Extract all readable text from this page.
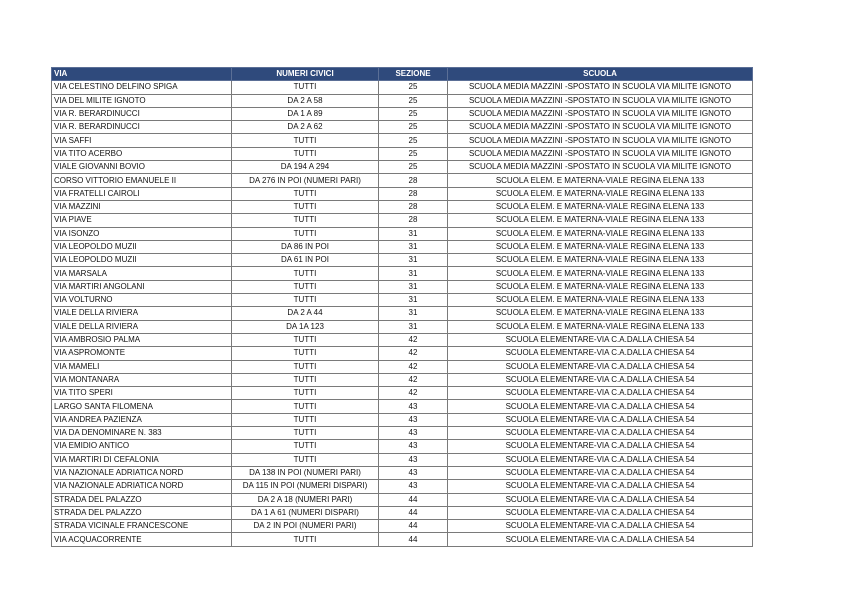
VIA	NUMERI CIVICI	SEZIONE	SCUOLA
VIA CELESTINO DELFINO SPIGA	TUTTI	25	SCUOLA MEDIA MAZZINI -SPOSTATO IN SCUOLA VIA MILITE IGNOTO
VIA DEL MILITE IGNOTO	DA 2 A 58	25	SCUOLA MEDIA MAZZINI -SPOSTATO IN SCUOLA VIA MILITE IGNOTO
VIA R. BERARDINUCCI	DA 1 A 89	25	SCUOLA MEDIA MAZZINI -SPOSTATO IN SCUOLA VIA MILITE IGNOTO
VIA R. BERARDINUCCI	DA 2 A 62	25	SCUOLA MEDIA MAZZINI -SPOSTATO IN SCUOLA VIA MILITE IGNOTO
VIA SAFFI	TUTTI	25	SCUOLA MEDIA MAZZINI -SPOSTATO IN SCUOLA VIA MILITE IGNOTO
VIA TITO ACERBO	TUTTI	25	SCUOLA MEDIA MAZZINI -SPOSTATO IN SCUOLA VIA MILITE IGNOTO
VIALE GIOVANNI BOVIO	DA 194 A 294	25	SCUOLA MEDIA MAZZINI -SPOSTATO IN SCUOLA VIA MILITE IGNOTO
CORSO VITTORIO EMANUELE II	DA 276 IN POI (NUMERI PARI)	28	SCUOLA ELEM. E MATERNA-VIALE REGINA ELENA 133
VIA FRATELLI CAIROLI	TUTTI	28	SCUOLA ELEM. E MATERNA-VIALE REGINA ELENA 133
VIA MAZZINI	TUTTI	28	SCUOLA ELEM. E MATERNA-VIALE REGINA ELENA 133
VIA PIAVE	TUTTI	28	SCUOLA ELEM. E MATERNA-VIALE REGINA ELENA 133
VIA ISONZO	TUTTI	31	SCUOLA ELEM. E MATERNA-VIALE REGINA ELENA 133
VIA LEOPOLDO MUZII	DA 86 IN POI	31	SCUOLA ELEM. E MATERNA-VIALE REGINA ELENA 133
VIA LEOPOLDO MUZII	DA 61 IN POI	31	SCUOLA ELEM. E MATERNA-VIALE REGINA ELENA 133
VIA MARSALA	TUTTI	31	SCUOLA ELEM. E MATERNA-VIALE REGINA ELENA 133
VIA MARTIRI ANGOLANI	TUTTI	31	SCUOLA ELEM. E MATERNA-VIALE REGINA ELENA 133
VIA VOLTURNO	TUTTI	31	SCUOLA ELEM. E MATERNA-VIALE REGINA ELENA 133
VIALE DELLA RIVIERA	DA 2 A 44	31	SCUOLA ELEM. E MATERNA-VIALE REGINA ELENA 133
VIALE DELLA RIVIERA	DA 1A 123	31	SCUOLA ELEM. E MATERNA-VIALE REGINA ELENA 133
VIA AMBROSIO PALMA	TUTTI	42	SCUOLA ELEMENTARE-VIA C.A.DALLA CHIESA 54
VIA ASPROMONTE	TUTTI	42	SCUOLA ELEMENTARE-VIA C.A.DALLA CHIESA 54
VIA MAMELI	TUTTI	42	SCUOLA ELEMENTARE-VIA C.A.DALLA CHIESA 54
VIA MONTANARA	TUTTI	42	SCUOLA ELEMENTARE-VIA C.A.DALLA CHIESA 54
VIA TITO SPERI	TUTTI	42	SCUOLA ELEMENTARE-VIA C.A.DALLA CHIESA 54
LARGO SANTA FILOMENA	TUTTI	43	SCUOLA ELEMENTARE-VIA C.A.DALLA CHIESA 54
VIA ANDREA PAZIENZA	TUTTI	43	SCUOLA ELEMENTARE-VIA C.A.DALLA CHIESA 54
VIA DA DENOMINARE N. 383	TUTTI	43	SCUOLA ELEMENTARE-VIA C.A.DALLA CHIESA 54
VIA EMIDIO ANTICO	TUTTI	43	SCUOLA ELEMENTARE-VIA C.A.DALLA CHIESA 54
VIA MARTIRI DI CEFALONIA	TUTTI	43	SCUOLA ELEMENTARE-VIA C.A.DALLA CHIESA 54
VIA NAZIONALE ADRIATICA NORD	DA 138 IN POI (NUMERI PARI)	43	SCUOLA ELEMENTARE-VIA C.A.DALLA CHIESA 54
VIA NAZIONALE ADRIATICA NORD	DA 115 IN POI (NUMERI DISPARI)	43	SCUOLA ELEMENTARE-VIA C.A.DALLA CHIESA 54
STRADA DEL PALAZZO	DA 2 A 18 (NUMERI PARI)	44	SCUOLA ELEMENTARE-VIA C.A.DALLA CHIESA 54
STRADA DEL PALAZZO	DA 1 A 61 (NUMERI DISPARI)	44	SCUOLA ELEMENTARE-VIA C.A.DALLA CHIESA 54
STRADA VICINALE FRANCESCONE	DA 2 IN POI (NUMERI PARI)	44	SCUOLA ELEMENTARE-VIA C.A.DALLA CHIESA 54
VIA ACQUACORRENTE	TUTTI	44	SCUOLA ELEMENTARE-VIA C.A.DALLA CHIESA 54
